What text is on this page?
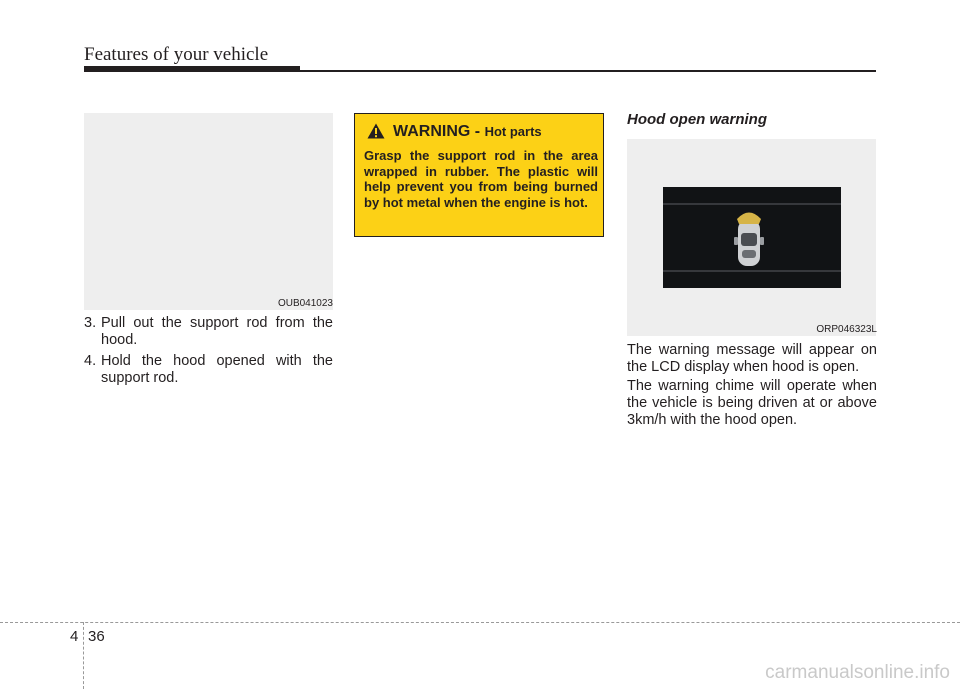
Features of your vehicle
OUB041023
3. Pull out the support rod from the hood.
4. Hold the hood opened with the support rod.
WARNING - Hot parts
Grasp the support rod in the area wrapped in rubber. The plastic will help prevent you from being burned by hot metal when the engine is hot.
Hood open warning
ORP046323L
The warning message will appear on the LCD display when hood is open.
The warning chime will operate when the vehicle is being driven at or above 3km/h with the hood open.
4 36
carmanualsonline.info
